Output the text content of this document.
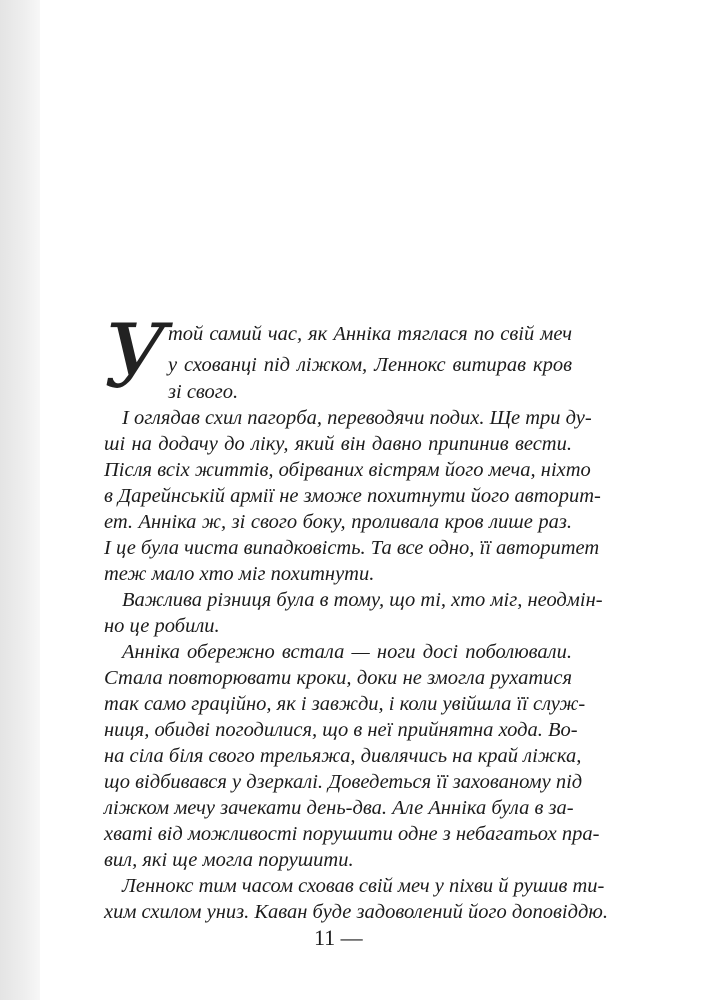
У той самий час, як Анніка тяглася по свій меч
у схованці під ліжком, Леннокс витирав кров
зі свого.
І оглядав схил пагорба, переводячи подих. Ще три ду-
ші на додачу до ліку, який він давно припинив вести.
Після всіх життів, обірваних вістрям його меча, ніхто
в Дарейнській армії не зможе похитнути його авторит-
ет. Анніка ж, зі свого боку, проливала кров лише раз.
І це була чиста випадковість. Та все одно, її авторитет
теж мало хто міг похитнути.
Важлива різниця була в тому, що ті, хто міг, неодмін-
но це робили.
Анніка обережно встала — ноги досі поболювали.
Стала повторювати кроки, доки не змогла рухатися
так само граційно, як і завжди, і коли увійшла її служ-
ниця, обидві погодилися, що в неї прийнятна хода. Во-
на сіла біля свого трельяжа, дивлячись на край ліжка,
що відбивався у дзеркалі. Доведеться її захованому під
ліжком мечу зачекати день-два. Але Анніка була в за-
хваті від можливості порушити одне з небагатьох пра-
вил, які ще могла порушити.
Леннокс тим часом сховав свій меч у піхви й рушив ти-
хим схилом униз. Каван буде задоволений його доповіддю.
11 —
